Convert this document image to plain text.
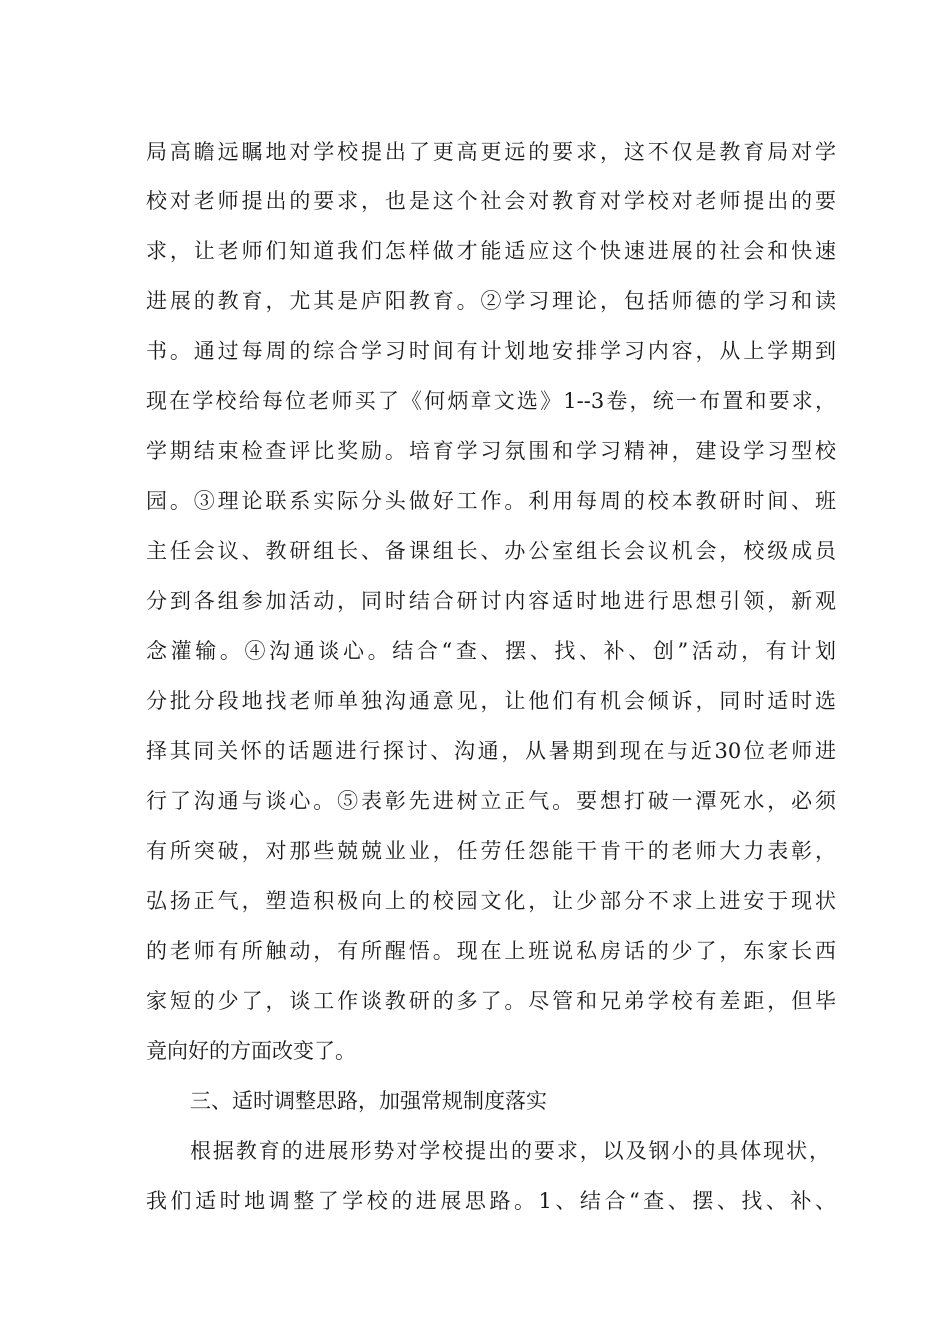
局高瞻远瞩地对学校提出了更高更远的要求，这不仅是教育局对学
校对老师提出的要求，也是这个社会对教育对学校对老师提出的要
求，让老师们知道我们怎样做才能适应这个快速进展的社会和快速
进展的教育，尤其是庐阳教育。②学习理论，包括师德的学习和读
书。通过每周的综合学习时间有计划地安排学习内容，从上学期到
现在学校给每位老师买了《何炳章文选》1--3卷，统一布置和要求，
学期结束检查评比奖励。培育学习氛围和学习精神，建设学习型校
园。③理论联系实际分头做好工作。利用每周的校本教研时间、班
主任会议、教研组长、备课组长、办公室组长会议机会，校级成员
分到各组参加活动，同时结合研讨内容适时地进行思想引领，新观
念灌输。④沟通谈心。结合“查、摆、找、补、创”活动，有计划
分批分段地找老师单独沟通意见，让他们有机会倾诉，同时适时选
择其同关怀的话题进行探讨、沟通，从暑期到现在与近30位老师进
行了沟通与谈心。⑤表彰先进树立正气。要想打破一潭死水，必须
有所突破，对那些兢兢业业，任劳任怨能干肯干的老师大力表彰，
弘扬正气，塑造积极向上的校园文化，让少部分不求上进安于现状
的老师有所触动，有所醒悟。现在上班说私房话的少了，东家长西
家短的少了，谈工作谈教研的多了。尽管和兄弟学校有差距，但毕
竟向好的方面改变了。
三、适时调整思路，加强常规制度落实
根据教育的进展形势对学校提出的要求，以及钢小的具体现状，
我们适时地调整了学校的进展思路。1、结合“查、摆、找、补、
